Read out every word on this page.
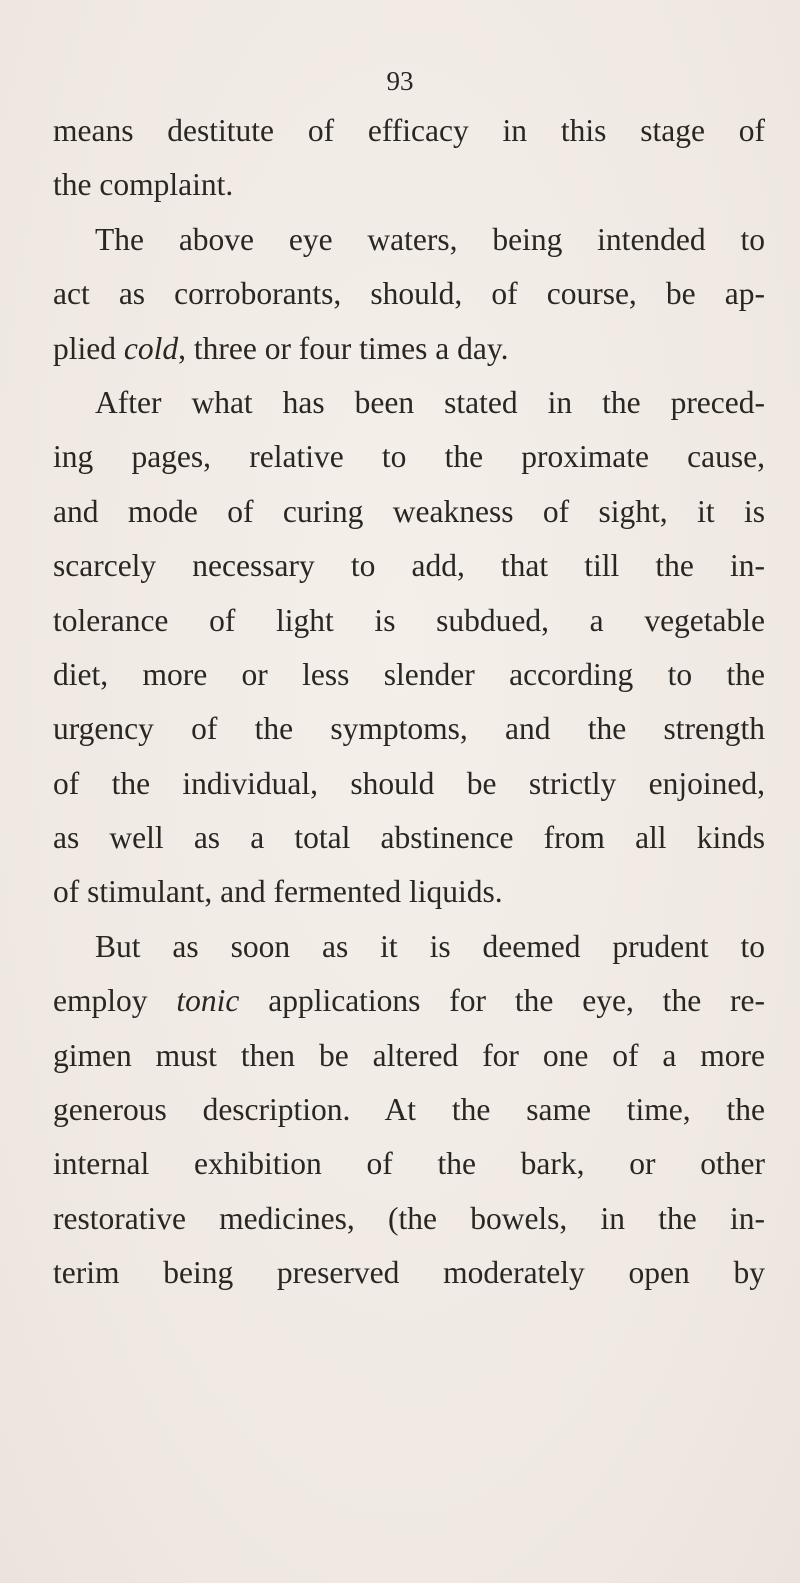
93
means destitute of efficacy in this stage of
the complaint.
The above eye waters, being intended to
act as corroborants, should, of course, be ap-
plied cold, three or four times a day.
After what has been stated in the preced-
ing pages, relative to the proximate cause,
and mode of curing weakness of sight, it is
scarcely necessary to add, that till the in-
tolerance of light is subdued, a vegetable
diet, more or less slender according to the
urgency of the symptoms, and the strength
of the individual, should be strictly enjoined,
as well as a total abstinence from all kinds
of stimulant, and fermented liquids.
But as soon as it is deemed prudent to
employ tonic applications for the eye, the re-
gimen must then be altered for one of a more
generous description. At the same time, the
internal exhibition of the bark, or other
restorative medicines, (the bowels, in the in-
terim being preserved moderately open by
